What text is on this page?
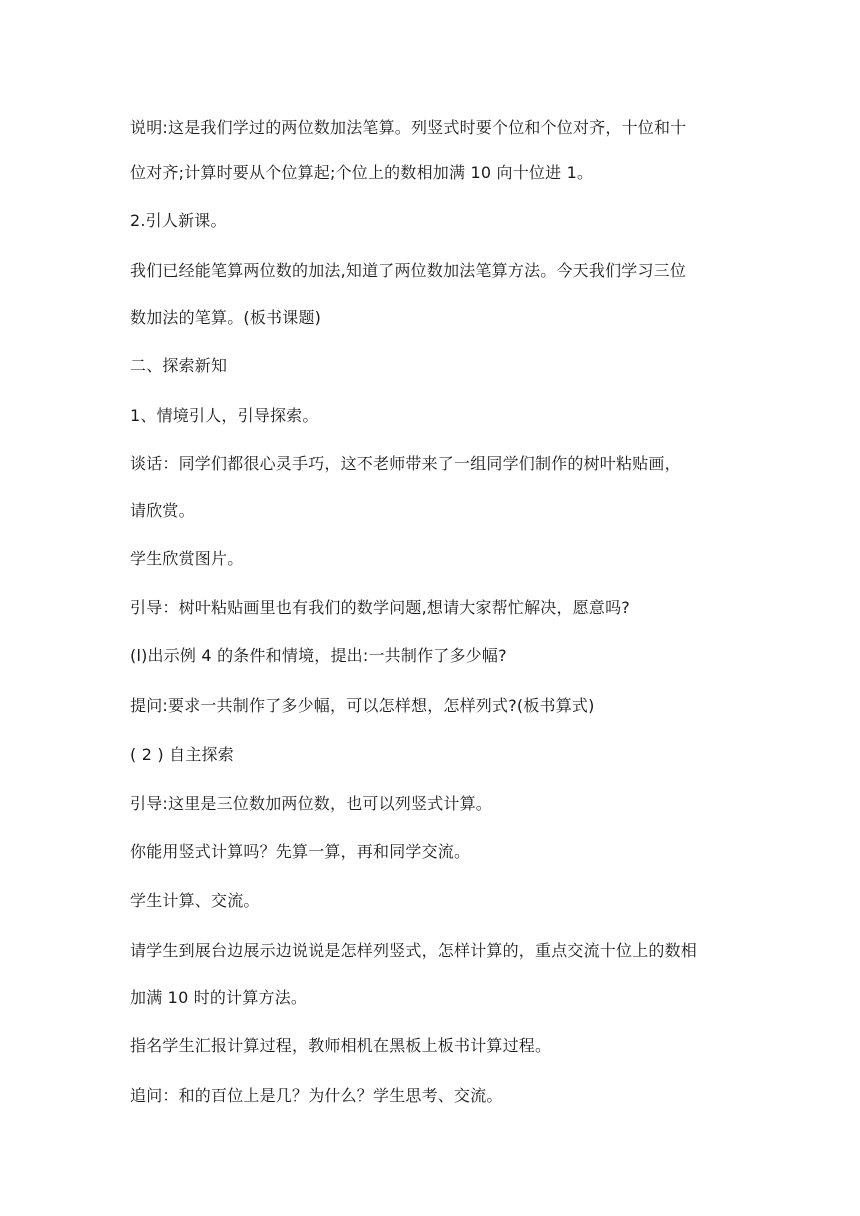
说明:这是我们学过的两位数加法笔算。列竖式时要个位和个位对齐，十位和十
位对齐;计算时要从个位算起;个位上的数相加满 10 向十位进 1。
2.引人新课。
我们已经能笔算两位数的加法,知道了两位数加法笔算方法。今天我们学习三位
数加法的笔算。(板书课题)
二、探索新知
1、情境引人，引导探索。
谈话：同学们都很心灵手巧，这不老师带来了一组同学们制作的树叶粘贴画，
请欣赏。
学生欣赏图片。
引导：树叶粘贴画里也有我们的数学问题,想请大家帮忙解决，愿意吗?
(l)出示例 4 的条件和情境，提出:一共制作了多少幅?
提问:要求一共制作了多少幅，可以怎样想，怎样列式?(板书算式)
( 2 ) 自主探索
引导:这里是三位数加两位数，也可以列竖式计算。
你能用竖式计算吗？先算一算，再和同学交流。
学生计算、交流。
请学生到展台边展示边说说是怎样列竖式，怎样计算的，重点交流十位上的数相
加满 10 时的计算方法。
指名学生汇报计算过程，教师相机在黑板上板书计算过程。
追问：和的百位上是几？为什么？学生思考、交流。
